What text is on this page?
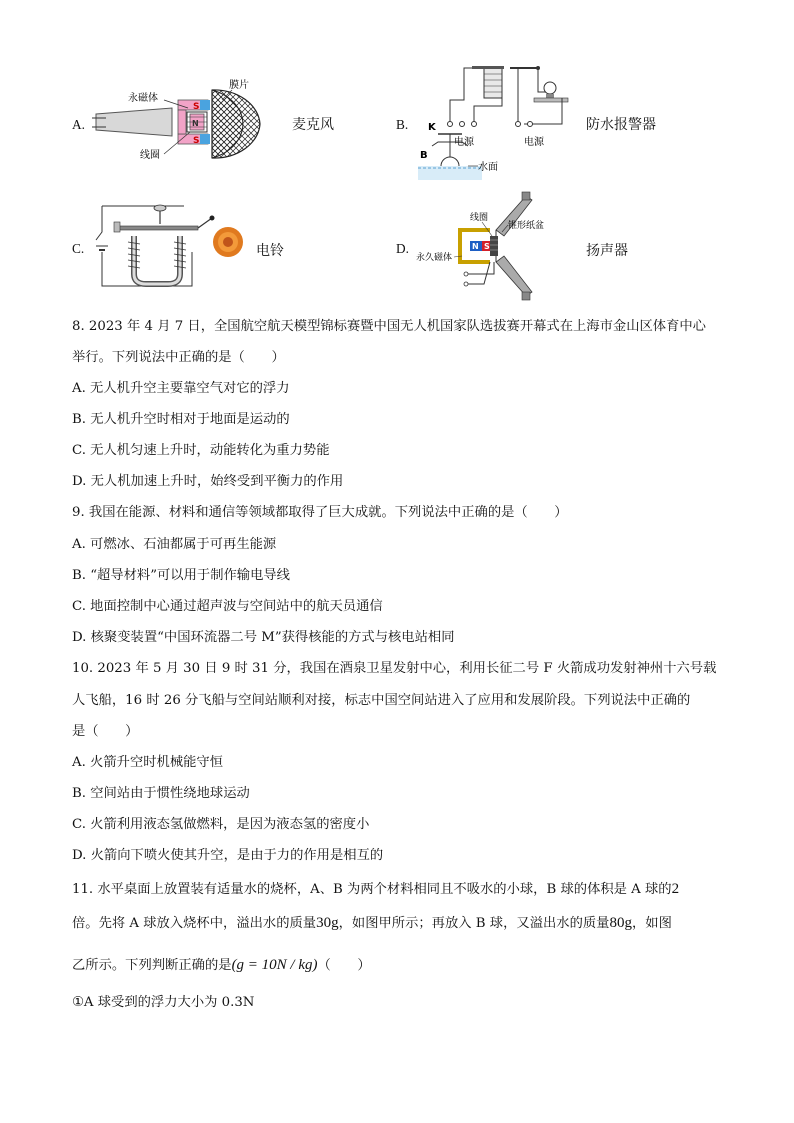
A.
S
S
N
永磁体
膜片
线圈
麦克风	B. K
电源	电源
B
水面
防水报警器
C.	电铃	D.	N S
线圈
锥形纸盆
永久磁体	扬声器
8. 2023 年 4 月 7 日，全国航空航天模型锦标赛暨中国无人机国家队选拔赛开幕式在上海市金山区体育中心
举行。下列说法中正确的是（　　）
A. 无人机升空主要靠空气对它的浮力
B. 无人机升空时相对于地面是运动的
C. 无人机匀速上升时，动能转化为重力势能
D. 无人机加速上升时，始终受到平衡力的作用
9. 我国在能源、材料和通信等领域都取得了巨大成就。下列说法中正确的是（　　）
A. 可燃冰、石油都属于可再生能源
B. “超导材料”可以用于制作输电导线
C. 地面控制中心通过超声波与空间站中的航天员通信
D. 核聚变装置“中国环流器二号 M”获得核能的方式与核电站相同
10. 2023 年 5 月 30 日 9 时 31 分，我国在酒泉卫星发射中心，利用长征二号 F 火箭成功发射神州十六号载
人飞船，16 时 26 分飞船与空间站顺利对接，标志中国空间站进入了应用和发展阶段。下列说法中正确的
是（　　）
A. 火箭升空时机械能守恒
B. 空间站由于惯性绕地球运动
C. 火箭利用液态氢做燃料，是因为液态氢的密度小
D. 火箭向下喷火使其升空，是由于力的作用是相互的
11. 水平桌面上放置装有适量水的烧杯，A、B 为两个材料相同且不吸水的小球，B 球的体积是 A 球的2
倍。先将 A 球放入烧杯中，溢出水的质量30g，如图甲所示；再放入 B 球，又溢出水的质量80g，如图
乙所示。下列判断正确的是(g = 10N / kg)（　　）
①A 球受到的浮力大小为 0.3N
